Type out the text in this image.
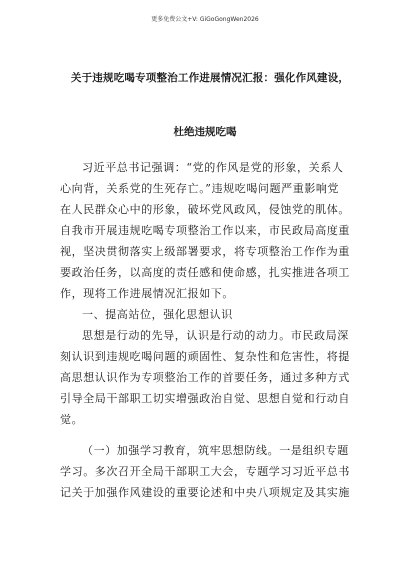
更多免费公文+V: GiGoGongWen2026
关于违规吃喝专项整治工作进展情况汇报：强化作风建设，
杜绝违规吃喝
习近平总书记强调：“党的作风是党的形象，关系人
心向背，关系党的生死存亡。”违规吃喝问题严重影响党
在人民群众心中的形象，破坏党风政风，侵蚀党的肌体。
自我市开展违规吃喝专项整治工作以来，市民政局高度重
视，坚决贯彻落实上级部署要求，将专项整治工作作为重
要政治任务，以高度的责任感和使命感，扎实推进各项工
作，现将工作进展情况汇报如下。
一、提高站位，强化思想认识
思想是行动的先导，认识是行动的动力。市民政局深
刻认识到违规吃喝问题的顽固性、复杂性和危害性，将提
高思想认识作为专项整治工作的首要任务，通过多种方式
引导全局干部职工切实增强政治自觉、思想自觉和行动自
觉。
（一）加强学习教育，筑牢思想防线。一是组织专题
学习。多次召开全局干部职工大会，专题学习习近平总书
记关于加强作风建设的重要论述和中央八项规定及其实施
